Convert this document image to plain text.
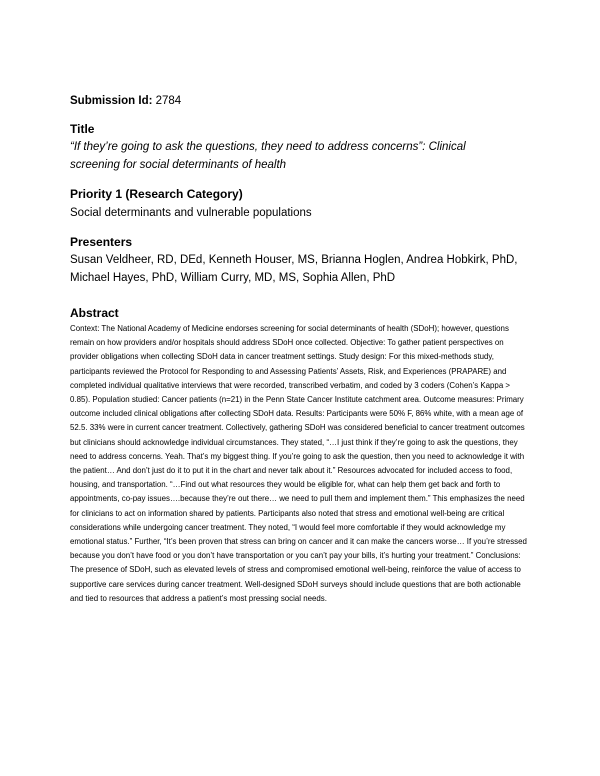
Submission Id: 2784
Title
“If they’re going to ask the questions, they need to address concerns”: Clinical screening for social determinants of health
Priority 1 (Research Category)
Social determinants and vulnerable populations
Presenters
Susan Veldheer, RD, DEd, Kenneth Houser, MS, Brianna Hoglen, Andrea Hobkirk, PhD, Michael Hayes, PhD, William Curry, MD, MS, Sophia Allen, PhD
Abstract
Context: The National Academy of Medicine endorses screening for social determinants of health (SDoH); however, questions remain on how providers and/or hospitals should address SDoH once collected. Objective: To gather patient perspectives on provider obligations when collecting SDoH data in cancer treatment settings. Study design: For this mixed-methods study, participants reviewed the Protocol for Responding to and Assessing Patients’ Assets, Risk, and Experiences (PRAPARE) and completed individual qualitative interviews that were recorded, transcribed verbatim, and coded by 3 coders (Cohen’s Kappa > 0.85). Population studied: Cancer patients (n=21) in the Penn State Cancer Institute catchment area. Outcome measures: Primary outcome included clinical obligations after collecting SDoH data. Results: Participants were 50% F, 86% white, with a mean age of 52.5. 33% were in current cancer treatment. Collectively, gathering SDoH was considered beneficial to cancer treatment outcomes but clinicians should acknowledge individual circumstances. They stated, “…I just think if they’re going to ask the questions, they need to address concerns. Yeah. That’s my biggest thing. If you’re going to ask the question, then you need to acknowledge it with the patient… And don’t just do it to put it in the chart and never talk about it.” Resources advocated for included access to food, housing, and transportation. “…Find out what resources they would be eligible for, what can help them get back and forth to appointments, co-pay issues….because they’re out there… we need to pull them and implement them.” This emphasizes the need for clinicians to act on information shared by patients. Participants also noted that stress and emotional well-being are critical considerations while undergoing cancer treatment. They noted, “I would feel more comfortable if they would acknowledge my emotional status.” Further, “It’s been proven that stress can bring on cancer and it can make the cancers worse… If you’re stressed because you don’t have food or you don’t have transportation or you can’t pay your bills, it’s hurting your treatment.” Conclusions: The presence of SDoH, such as elevated levels of stress and compromised emotional well-being, reinforce the value of access to supportive care services during cancer treatment. Well-designed SDoH surveys should include questions that are both actionable and tied to resources that address a patient’s most pressing social needs.
